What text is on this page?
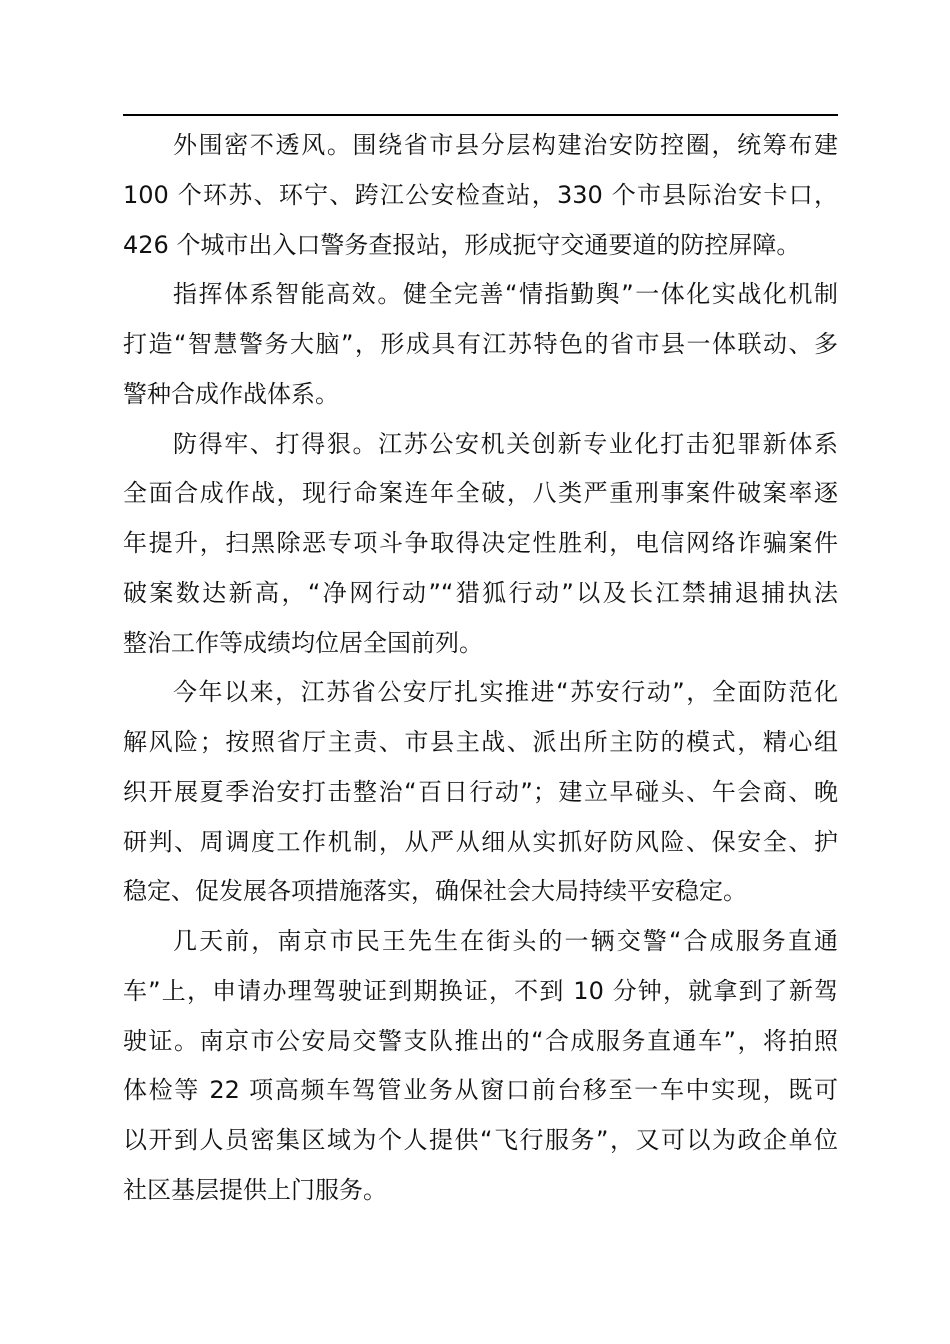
外围密不透风。围绕省市县分层构建治安防控圈，统筹布建
100 个环苏、环宁、跨江公安检查站，330 个市县际治安卡口，
426 个城市出入口警务查报站，形成扼守交通要道的防控屏障。
指挥体系智能高效。健全完善“情指勤舆”一体化实战化机制
打造“智慧警务大脑”，形成具有江苏特色的省市县一体联动、多
警种合成作战体系。
防得牢、打得狠。江苏公安机关创新专业化打击犯罪新体系
全面合成作战，现行命案连年全破，八类严重刑事案件破案率逐
年提升，扫黑除恶专项斗争取得决定性胜利，电信网络诈骗案件
破案数达新高，“净网行动”“猎狐行动”以及长江禁捕退捕执法
整治工作等成绩均位居全国前列。
今年以来，江苏省公安厅扎实推进“苏安行动”，全面防范化
解风险；按照省厅主责、市县主战、派出所主防的模式，精心组
织开展夏季治安打击整治“百日行动”；建立早碰头、午会商、晚
研判、周调度工作机制，从严从细从实抓好防风险、保安全、护
稳定、促发展各项措施落实，确保社会大局持续平安稳定。
几天前，南京市民王先生在街头的一辆交警“合成服务直通
车”上，申请办理驾驶证到期换证，不到 10 分钟，就拿到了新驾
驶证。南京市公安局交警支队推出的“合成服务直通车”，将拍照
体检等 22 项高频车驾管业务从窗口前台移至一车中实现，既可
以开到人员密集区域为个人提供“飞行服务”，又可以为政企单位
社区基层提供上门服务。
